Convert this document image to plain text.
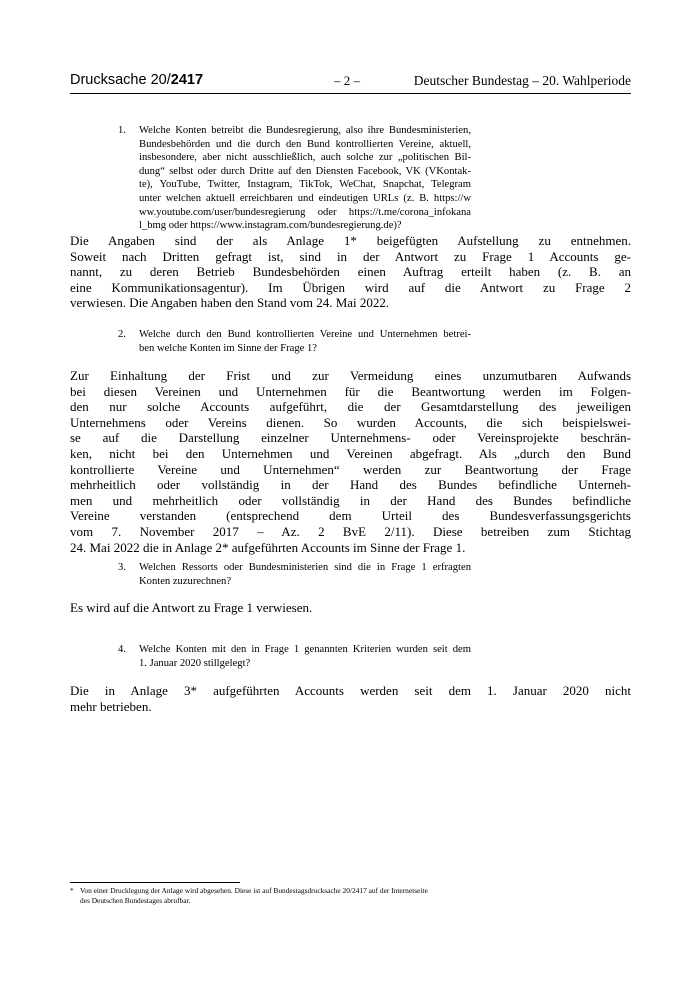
Drucksache 20/2417	– 2 –	Deutscher Bundestag – 20. Wahlperiode
1.	Welche Konten betreibt die Bundesregierung, also ihre Bundesministerien,
Bundesbehörden und die durch den Bund kontrollierten Vereine, aktuell,
insbesondere, aber nicht ausschließlich, auch solche zur „politischen Bil-
dung“ selbst oder durch Dritte auf den Diensten Facebook, VK (VKontak-
te), YouTube, Twitter, Instagram, TikTok, WeChat, Snapchat, Telegram
unter welchen aktuell erreichbaren und eindeutigen URLs (z. B. https://w
ww.youtube.com/user/bundesregierung oder https://t.me/corona_infokana
l_bmg oder https://www.instagram.com/bundesregierung.de)?
Die Angaben sind der als Anlage 1* beigefügten Aufstellung zu entnehmen.
Soweit nach Dritten gefragt ist, sind in der Antwort zu Frage 1 Accounts ge-
nannt, zu deren Betrieb Bundesbehörden einen Auftrag erteilt haben (z. B. an
eine Kommunikationsagentur). Im Übrigen wird auf die Antwort zu Frage 2
verwiesen. Die Angaben haben den Stand vom 24. Mai 2022.
2.	Welche durch den Bund kontrollierten Vereine und Unternehmen betrei-
ben welche Konten im Sinne der Frage 1?
Zur Einhaltung der Frist und zur Vermeidung eines unzumutbaren Aufwands
bei diesen Vereinen und Unternehmen für die Beantwortung werden im Folgen-
den nur solche Accounts aufgeführt, die der Gesamtdarstellung des jeweiligen
Unternehmens oder Vereins dienen. So wurden Accounts, die sich beispielswei-
se auf die Darstellung einzelner Unternehmens- oder Vereinsprojekte beschrän-
ken, nicht bei den Unternehmen und Vereinen abgefragt. Als „durch den Bund
kontrollierte Vereine und Unternehmen“ werden zur Beantwortung der Frage
mehrheitlich oder vollständig in der Hand des Bundes befindliche Unterneh-
men und mehrheitlich oder vollständig in der Hand des Bundes befindliche
Vereine verstanden (entsprechend dem Urteil des Bundesverfassungsgerichts
vom 7. November 2017 – Az. 2 BvE 2/11). Diese betreiben zum Stichtag
24. Mai 2022 die in Anlage 2* aufgeführten Accounts im Sinne der Frage 1.
3.	Welchen Ressorts oder Bundesministerien sind die in Frage 1 erfragten
Konten zuzurechnen?
Es wird auf die Antwort zu Frage 1 verwiesen.
4.	Welche Konten mit den in Frage 1 genannten Kriterien wurden seit dem
1. Januar 2020 stillgelegt?
Die in Anlage 3* aufgeführten Accounts werden seit dem 1. Januar 2020 nicht
mehr betrieben.
* Von einer Drucklegung der Anlage wird abgesehen. Diese ist auf Bundestagsdrucksache 20/2417 auf der Internetseite
des Deutschen Bundestages abrufbar.
